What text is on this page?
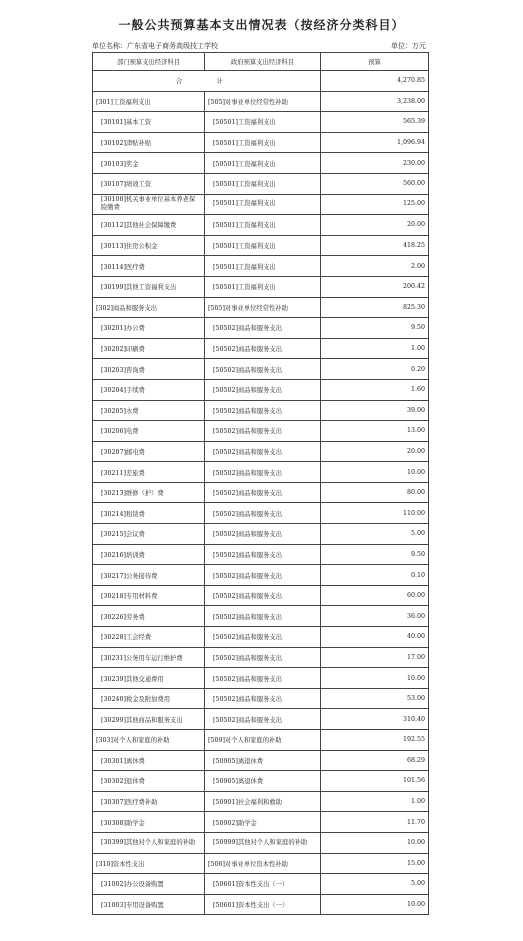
一般公共预算基本支出情况表（按经济分类科目）
单位名称：广东省电子商务高级技工学校	单位：万元
部门预算支出经济科目	政府预算支出经济科目	预算
合　计		4,270.85
[301]工资福利支出	[505]对事业单位经常性补助	3,238.00
[30101]基本工资	[50501]工资福利支出	565.39
[30102]津贴补贴	[50501]工资福利支出	1,096.94
[30103]奖金	[50501]工资福利支出	230.00
[30107]绩效工资	[50501]工资福利支出	560.00
[30108]机关事业单位基本养老保险缴费	[50501]工资福利支出	125.00
[30112]其他社会保障缴费	[50501]工资福利支出	20.00
[30113]住房公积金	[50501]工资福利支出	418.25
[30114]医疗费	[50501]工资福利支出	2.00
[30199]其他工资福利支出	[50501]工资福利支出	200.42
[302]商品和服务支出	[505]对事业单位经常性补助	825.30
[30201]办公费	[50502]商品和服务支出	9.50
[30202]印刷费	[50502]商品和服务支出	1.00
[30203]咨询费	[50502]商品和服务支出	0.20
[30204]手续费	[50502]商品和服务支出	1.60
[30205]水费	[50502]商品和服务支出	39.00
[30206]电费	[50502]商品和服务支出	13.00
[30207]邮电费	[50502]商品和服务支出	20.00
[30211]差旅费	[50502]商品和服务支出	10.00
[30213]维修（护）费	[50502]商品和服务支出	80.00
[30214]租赁费	[50502]商品和服务支出	110.00
[30215]会议费	[50502]商品和服务支出	5.00
[30216]培训费	[50502]商品和服务支出	9.50
[30217]公务接待费	[50502]商品和服务支出	0.10
[30218]专用材料费	[50502]商品和服务支出	60.00
[30226]劳务费	[50502]商品和服务支出	36.00
[30228]工会经费	[50502]商品和服务支出	40.00
[30231]公务用车运行维护费	[50502]商品和服务支出	17.00
[30239]其他交通费用	[50502]商品和服务支出	10.00
[30240]税金及附加费用	[50502]商品和服务支出	53.00
[30299]其他商品和服务支出	[50502]商品和服务支出	310.40
[303]对个人和家庭的补助	[509]对个人和家庭的补助	192.55
[30301]离休费	[50905]离退休费	68.29
[30302]退休费	[50905]离退休费	101.56
[30307]医疗费补助	[50901]社会福利和救助	1.00
[30308]助学金	[50902]助学金	11.70
[30399]其他对个人和家庭的补助	[50999]其他对个人和家庭的补助	10.00
[310]资本性支出	[506]对事业单位资本性补助	15.00
[31002]办公设备购置	[50601]资本性支出（一）	5.00
[31003]专用设备购置	[50601]资本性支出（一）	10.00
